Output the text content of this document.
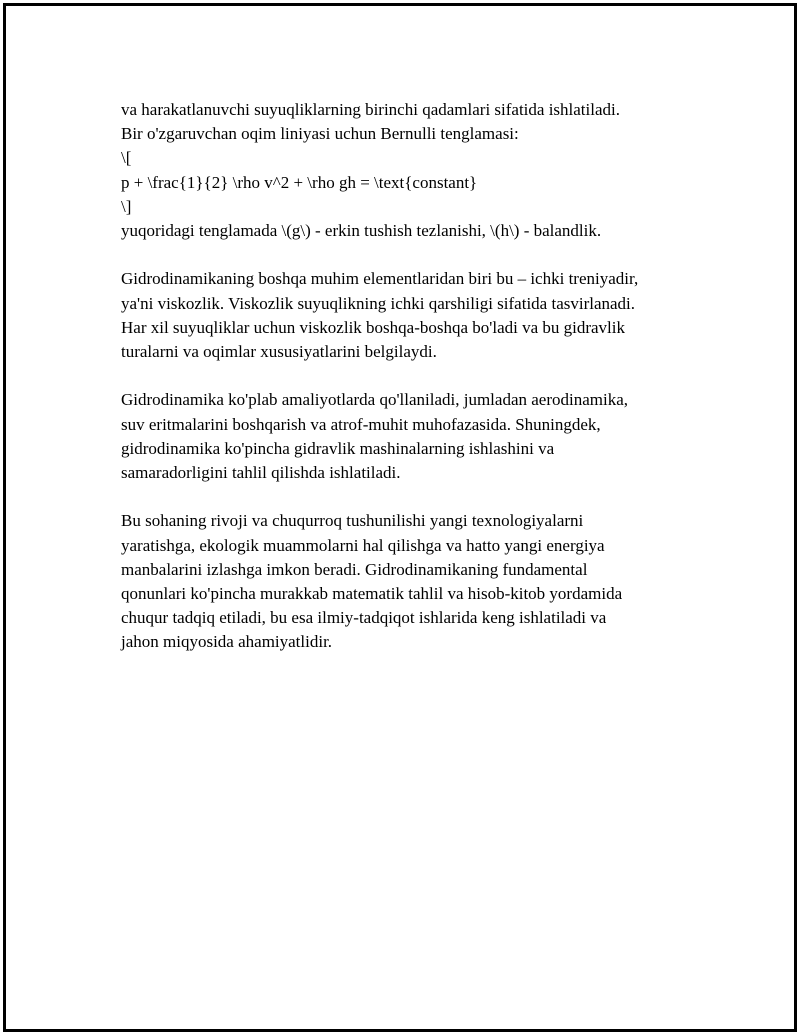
va harakatlanuvchi suyuqliklarning birinchi qadamlari sifatida ishlatiladi.
Bir o'zgaruvchan oqim liniyasi uchun Bernulli tenglamasi:
\[
p + \frac{1}{2} \rho v^2 + \rho gh = \text{constant}
\]
yuqoridagi tenglamada \(g\) - erkin tushish tezlanishi, \(h\) - balandlik.
Gidrodinamikaning boshqa muhim elementlaridan biri bu – ichki treniyadir,
ya'ni viskozlik. Viskozlik suyuqlikning ichki qarshiligi sifatida tasvirlanadi.
Har xil suyuqliklar uchun viskozlik boshqa-boshqa bo'ladi va bu gidravlik
turalarni va oqimlar xususiyatlarini belgilaydi.
Gidrodinamika ko'plab amaliyotlarda qo'llaniladi, jumladan aerodinamika,
suv eritmalarini boshqarish va atrof-muhit muhofazasida. Shuningdek,
gidrodinamika ko'pincha gidravlik mashinalarning ishlashini va
samaradorligini tahlil qilishda ishlatiladi.
Bu sohaning rivoji va chuqurroq tushunilishi yangi texnologiyalarni
yaratishga, ekologik muammolarni hal qilishga va hatto yangi energiya
manbalarini izlashga imkon beradi. Gidrodinamikaning fundamental
qonunlari ko'pincha murakkab matematik tahlil va hisob-kitob yordamida
chuqur tadqiq etiladi, bu esa ilmiy-tadqiqot ishlarida keng ishlatiladi va
jahon miqyosida ahamiyatlidir.
